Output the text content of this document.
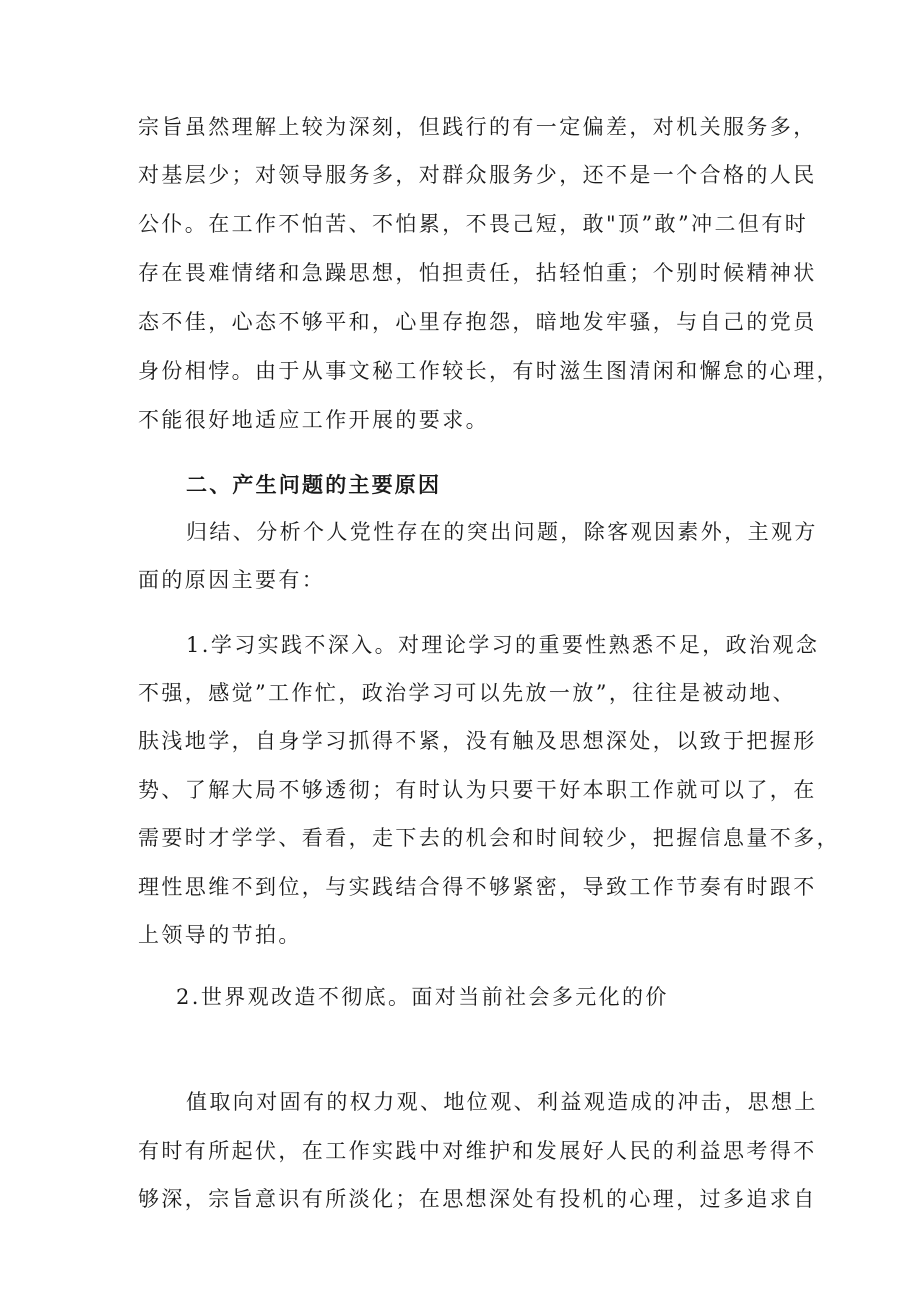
宗旨虽然理解上较为深刻，但践行的有一定偏差，对机关服务多，
对基层少；对领导服务多，对群众服务少，还不是一个合格的人民
公仆。在工作不怕苦、不怕累，不畏己短，敢"顶”敢”冲二但有时
存在畏难情绪和急躁思想，怕担责任，拈轻怕重；个别时候精神状
态不佳，心态不够平和，心里存抱怨，暗地发牢骚，与自己的党员
身份相悖。由于从事文秘工作较长，有时滋生图清闲和懈怠的心理，
不能很好地适应工作开展的要求。
二、产生问题的主要原因
归结、分析个人党性存在的突出问题，除客观因素外，主观方
面的原因主要有：
1.学习实践不深入。对理论学习的重要性熟悉不足，政治观念
不强，感觉”工作忙，政治学习可以先放一放”，往往是被动地、
肤浅地学，自身学习抓得不紧，没有触及思想深处，以致于把握形
势、了解大局不够透彻；有时认为只要干好本职工作就可以了，在
需要时才学学、看看，走下去的机会和时间较少，把握信息量不多，
理性思维不到位，与实践结合得不够紧密，导致工作节奏有时跟不
上领导的节拍。
2.世界观改造不彻底。面对当前社会多元化的价
值取向对固有的权力观、地位观、利益观造成的冲击，思想上
有时有所起伏，在工作实践中对维护和发展好人民的利益思考得不
够深，宗旨意识有所淡化；在思想深处有投机的心理，过多追求自
